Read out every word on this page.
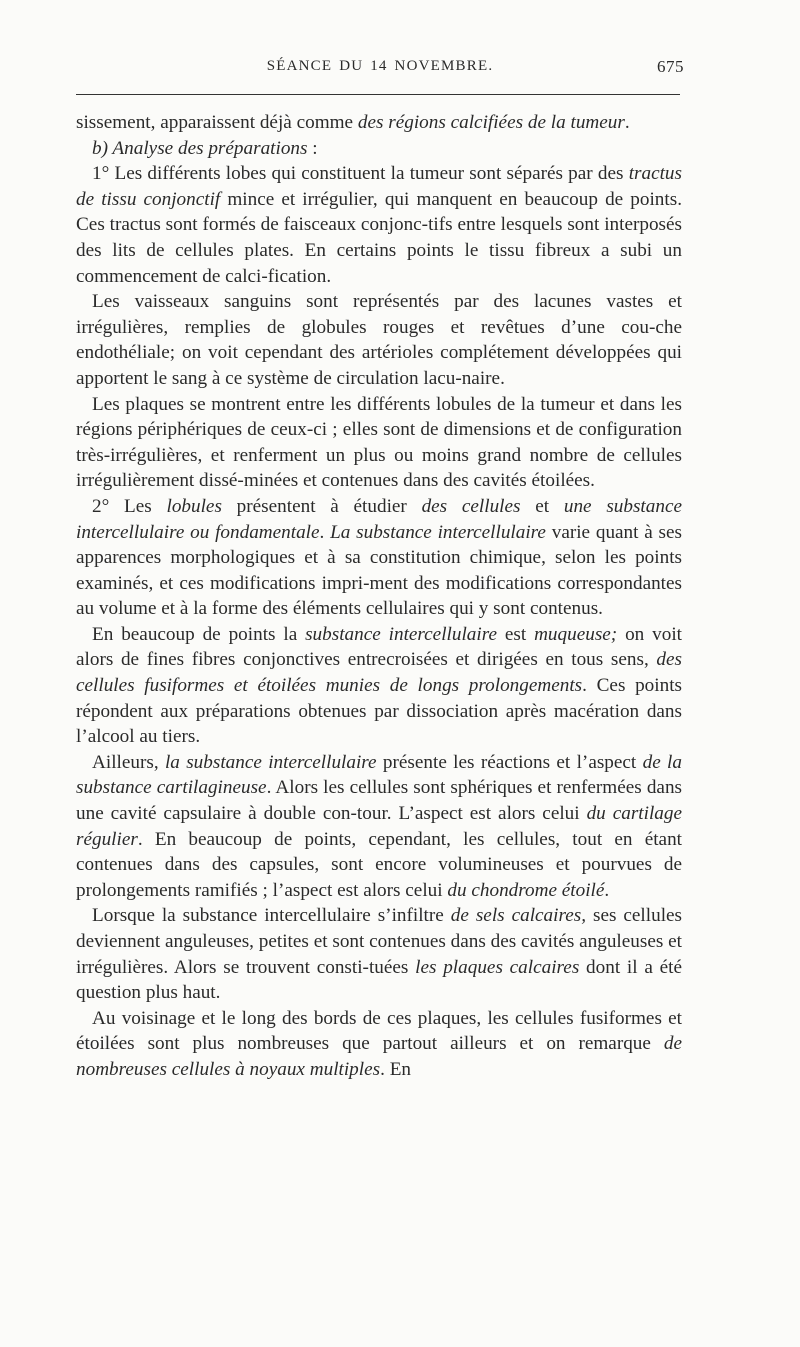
SÉANCE DU 14 NOVEMBRE.	675

sissement, apparaissent déjà comme des régions calcifiées de la tumeur.

b) Analyse des préparations :

1° Les différents lobes qui constituent la tumeur sont séparés par des tractus de tissu conjonctif mince et irrégulier, qui manquent en beaucoup de points. Ces tractus sont formés de faisceaux conjonc-tifs entre lesquels sont interposés des lits de cellules plates. En certains points le tissu fibreux a subi un commencement de calci-fication.

Les vaisseaux sanguins sont représentés par des lacunes vastes et irrégulières, remplies de globules rouges et revêtues d’une cou-che endothéliale; on voit cependant des artérioles complétement développées qui apportent le sang à ce système de circulation lacu-naire.

Les plaques se montrent entre les différents lobules de la tumeur et dans les régions périphériques de ceux-ci ; elles sont de dimensions et de configuration très-irrégulières, et renferment un plus ou moins grand nombre de cellules irrégulièrement dissé-minées et contenues dans des cavités étoilées.

2° Les lobules présentent à étudier des cellules et une substance intercellulaire ou fondamentale. La substance intercellulaire varie quant à ses apparences morphologiques et à sa constitution chimique, selon les points examinés, et ces modifications impri-ment des modifications correspondantes au volume et à la forme des éléments cellulaires qui y sont contenus.

En beaucoup de points la substance intercellulaire est muqueuse; on voit alors de fines fibres conjonctives entrecroisées et dirigées en tous sens, des cellules fusiformes et étoilées munies de longs prolongements. Ces points répondent aux préparations obtenues par dissociation après macération dans l’alcool au tiers.

Ailleurs, la substance intercellulaire présente les réactions et l’aspect de la substance cartilagineuse. Alors les cellules sont sphériques et renfermées dans une cavité capsulaire à double con-tour. L’aspect est alors celui du cartilage régulier. En beaucoup de points, cependant, les cellules, tout en étant contenues dans des capsules, sont encore volumineuses et pourvues de prolongements ramifiés ; l’aspect est alors celui du chondrome étoilé.

Lorsque la substance intercellulaire s’infiltre de sels calcaires, ses cellules deviennent anguleuses, petites et sont contenues dans des cavités anguleuses et irrégulières. Alors se trouvent consti-tuées les plaques calcaires dont il a été question plus haut.

Au voisinage et le long des bords de ces plaques, les cellules fusiformes et étoilées sont plus nombreuses que partout ailleurs et on remarque de nombreuses cellules à noyaux multiples. En
